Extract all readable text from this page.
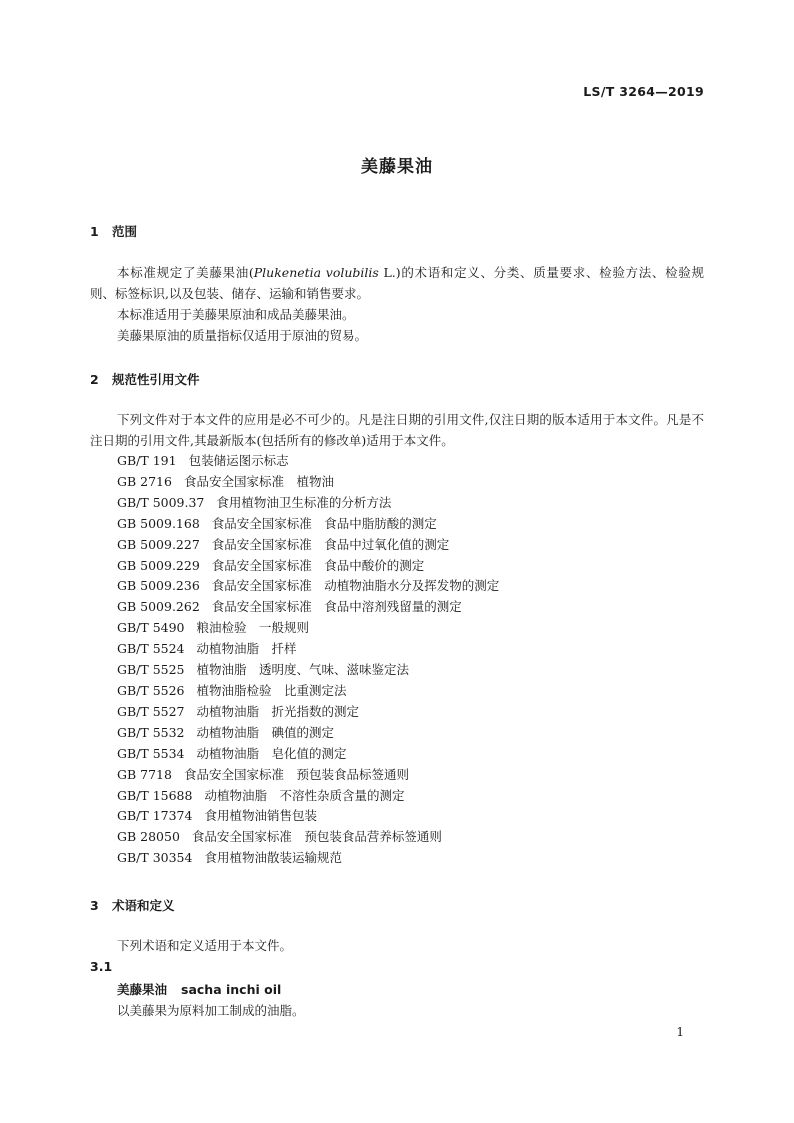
LS/T 3264—2019
美藤果油
1 范围
本标准规定了美藤果油(Plukenetia volubilis L.)的术语和定义、分类、质量要求、检验方法、检验规则、标签标识,以及包装、储存、运输和销售要求。
本标准适用于美藤果原油和成品美藤果油。
美藤果原油的质量指标仅适用于原油的贸易。
2 规范性引用文件
下列文件对于本文件的应用是必不可少的。凡是注日期的引用文件,仅注日期的版本适用于本文件。凡是不注日期的引用文件,其最新版本(包括所有的修改单)适用于本文件。
GB/T 191 包装储运图示标志
GB 2716 食品安全国家标准　植物油
GB/T 5009.37 食用植物油卫生标准的分析方法
GB 5009.168 食品安全国家标准　食品中脂肪酸的测定
GB 5009.227 食品安全国家标准　食品中过氧化值的测定
GB 5009.229 食品安全国家标准　食品中酸价的测定
GB 5009.236 食品安全国家标准　动植物油脂水分及挥发物的测定
GB 5009.262 食品安全国家标准　食品中溶剂残留量的测定
GB/T 5490 粮油检验　一般规则
GB/T 5524 动植物油脂　扦样
GB/T 5525 植物油脂　透明度、气味、滋味鉴定法
GB/T 5526 植物油脂检验　比重测定法
GB/T 5527 动植物油脂　折光指数的测定
GB/T 5532 动植物油脂　碘值的测定
GB/T 5534 动植物油脂　皂化值的测定
GB 7718 食品安全国家标准　预包装食品标签通则
GB/T 15688 动植物油脂　不溶性杂质含量的测定
GB/T 17374 食用植物油销售包装
GB 28050 食品安全国家标准　预包装食品营养标签通则
GB/T 30354 食用植物油散装运输规范
3 术语和定义
下列术语和定义适用于本文件。
3.1
美藤果油 sacha inchi oil
以美藤果为原料加工制成的油脂。
1
